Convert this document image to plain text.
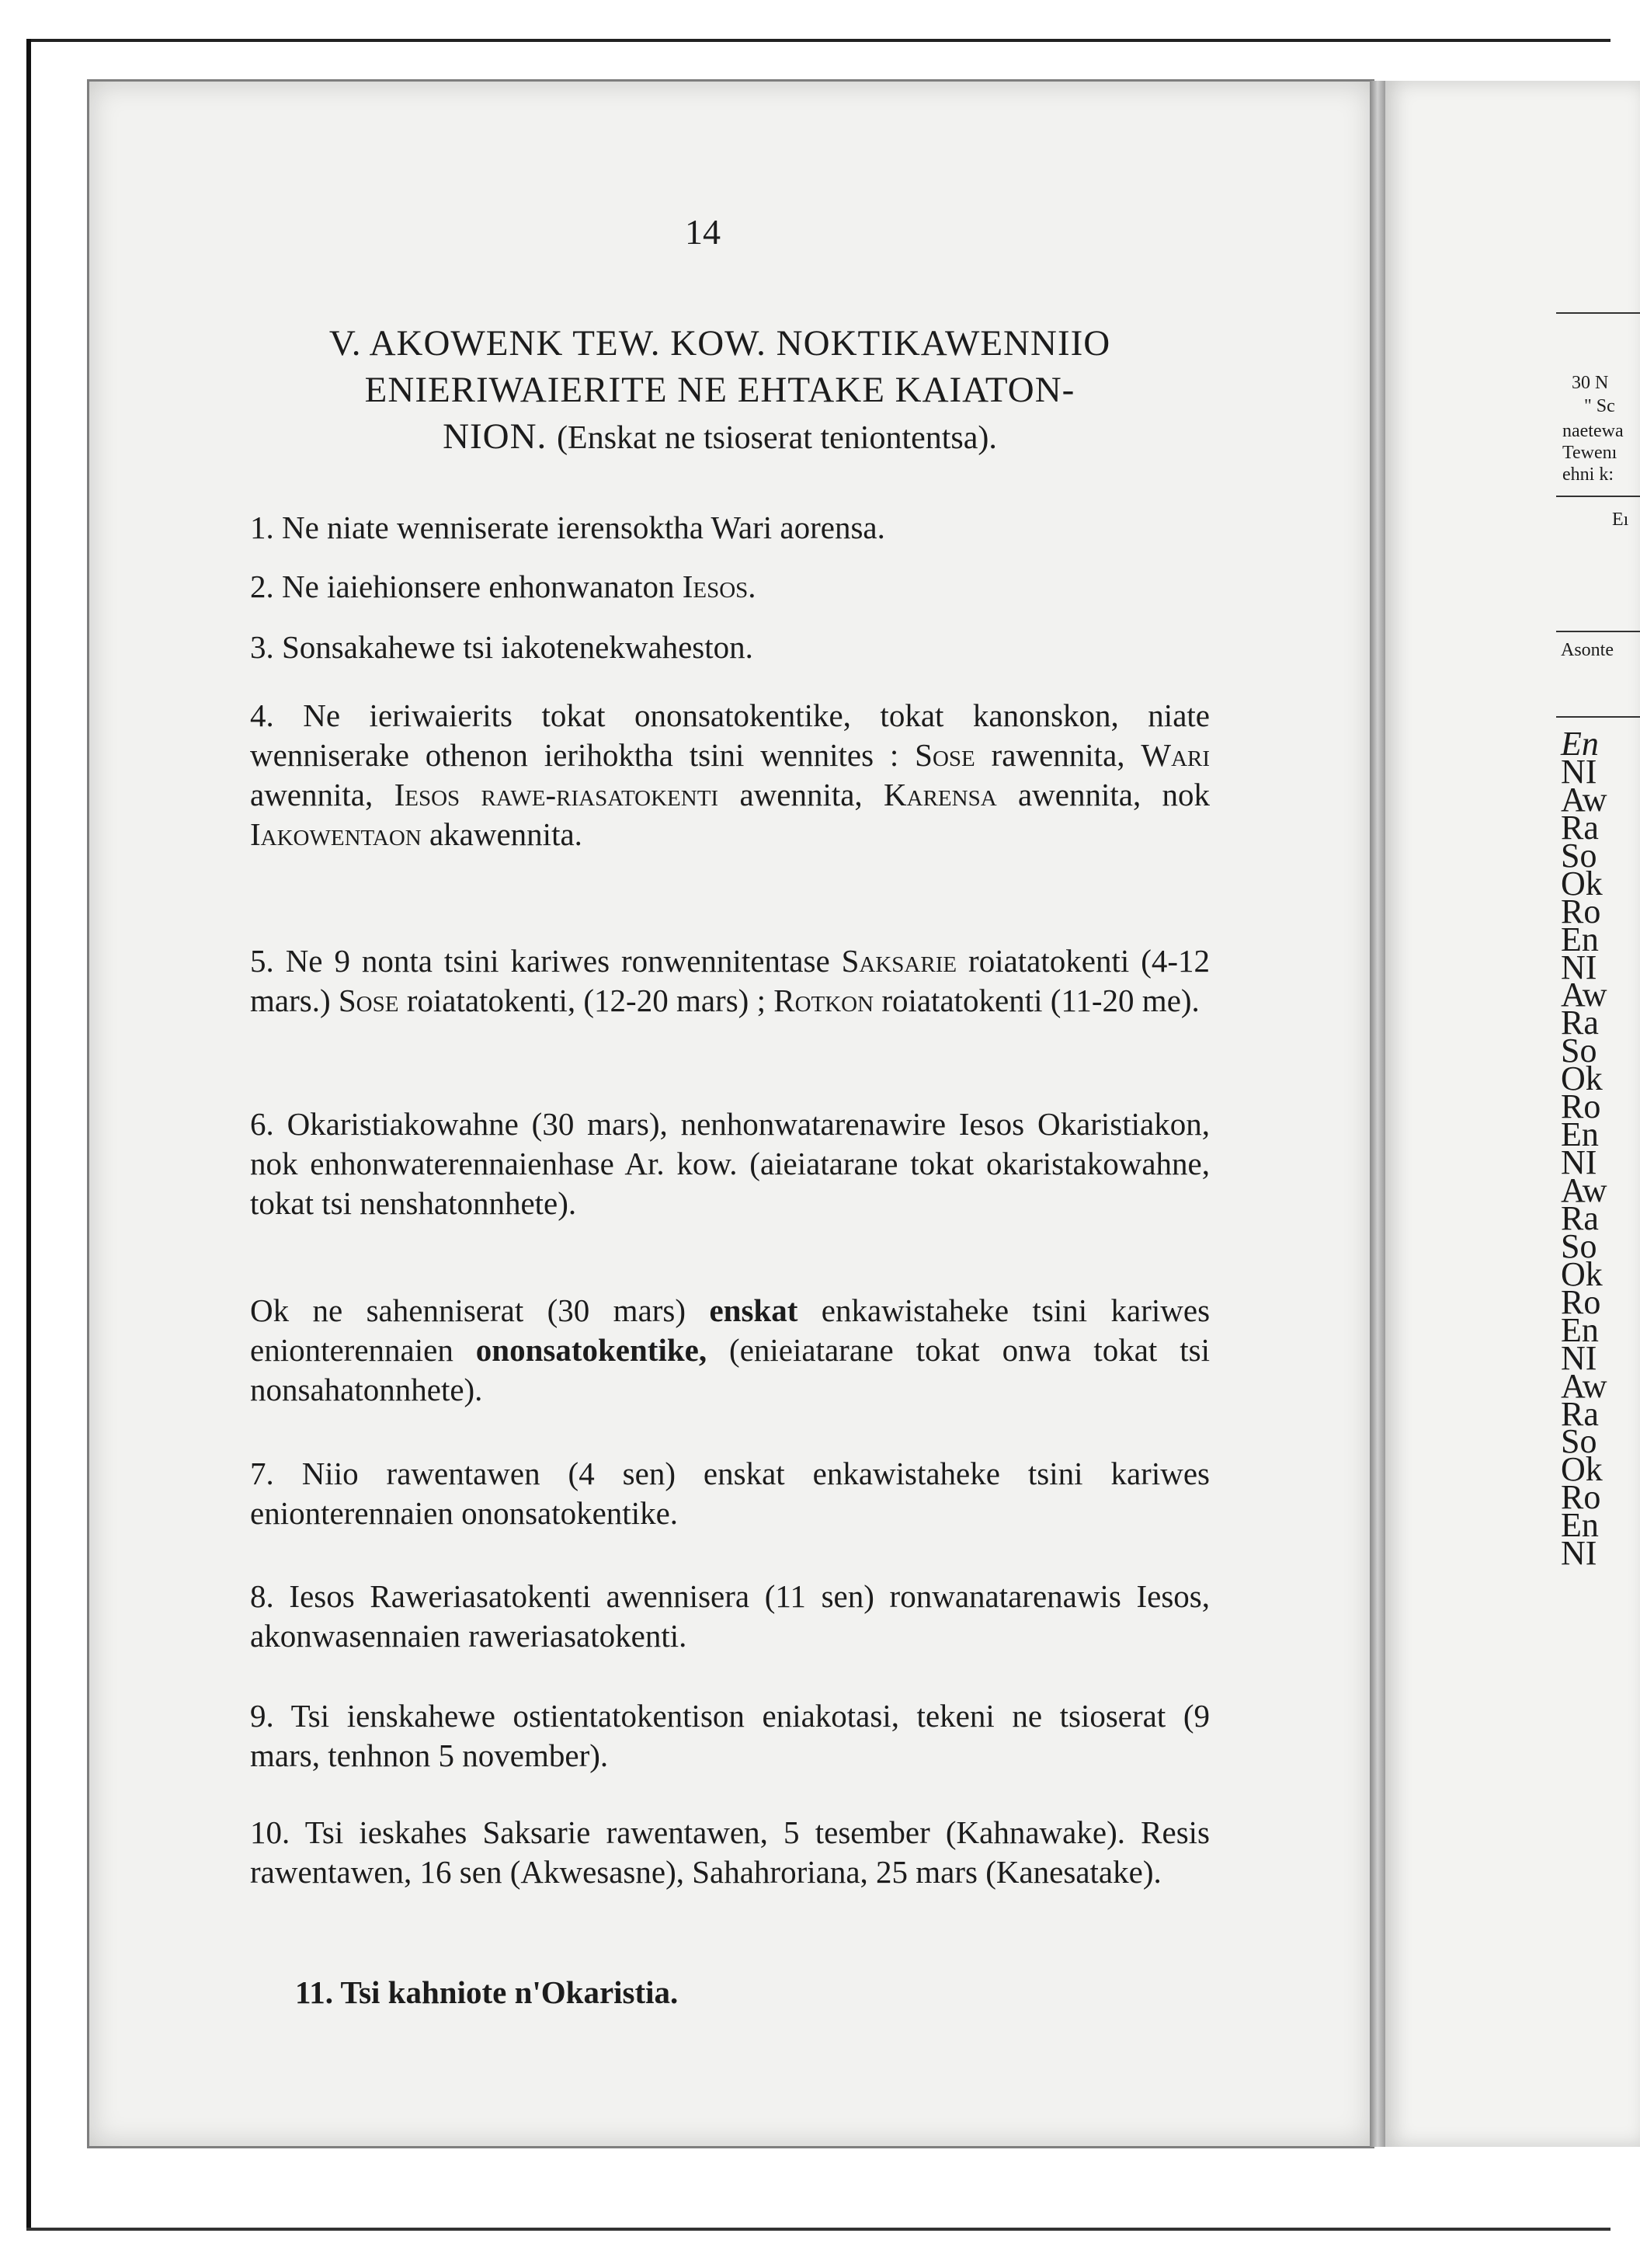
14
V. AKOWENK TEW. KOW. NOKTIKAWENNIIO
ENIERIWAIERITE NE EHTAKE KAIATON-
NION. (Enskat ne tsioserat teniontentsa).
1. Ne niate wenniserate ierensoktha Wari aorensa.
2. Ne iaiehionsere enhonwanaton Iesos.
3. Sonsakahewe tsi iakotenekwaheston.
4. Ne ieriwaierits tokat ononsatokentike, tokat kanonskon, niate wenniserake othenon ierihoktha tsini wennites : Sose rawennita, Wari awennita, Iesos rawe-riasatokenti awennita, Karensa awennita, nok Iakowentaon akawennita.
5. Ne 9 nonta tsini kariwes ronwennitentase Saksarie roiatatokenti (4-12 mars.) Sose roiatatokenti, (12-20 mars) ; Rotkon roiatatokenti (11-20 me).
6. Okaristiakowahne (30 mars), nenhonwatarenawire Iesos Okaristiakon, nok enhonwaterennaienhase Ar. kow. (aieiatarane tokat okaristakowahne, tokat tsi nenshatonnhete).
Ok ne sahenniserat (30 mars) enskat enkawistaheke tsini kariwes enionterennaien ononsatokentike, (enieiatarane tokat onwa tokat tsi nonsahatonnhete).
7. Niio rawentawen (4 sen) enskat enkawistaheke tsini kariwes enionterennaien ononsatokentike.
8. Iesos Raweriasatokenti awennisera (11 sen) ronwanatarenawis Iesos, akonwasennaien raweriasatokenti.
9. Tsi ienskahewe ostientatokentison eniakotasi, tekeni ne tsioserat (9 mars, tenhnon 5 november).
10. Tsi ieskahes Saksarie rawentawen, 5 tesember (Kahnawake). Resis rawentawen, 16 sen (Akwesasne), Sahahroriana, 25 mars (Kanesatake).
11. Tsi kahniote n'Okaristia.
30 N
" Sc
naetewa
Tewenı
ehni k:
Eı
Asonte
En
NI
Aw
Ra
So
Ok
Ro
En
NI
Aw
Ra
So
Ok
Ro
En
NI
Aw
Ra
So
Ok
Ro
En
NI
Aw
Ra
So
Ok
Ro
En
NI
